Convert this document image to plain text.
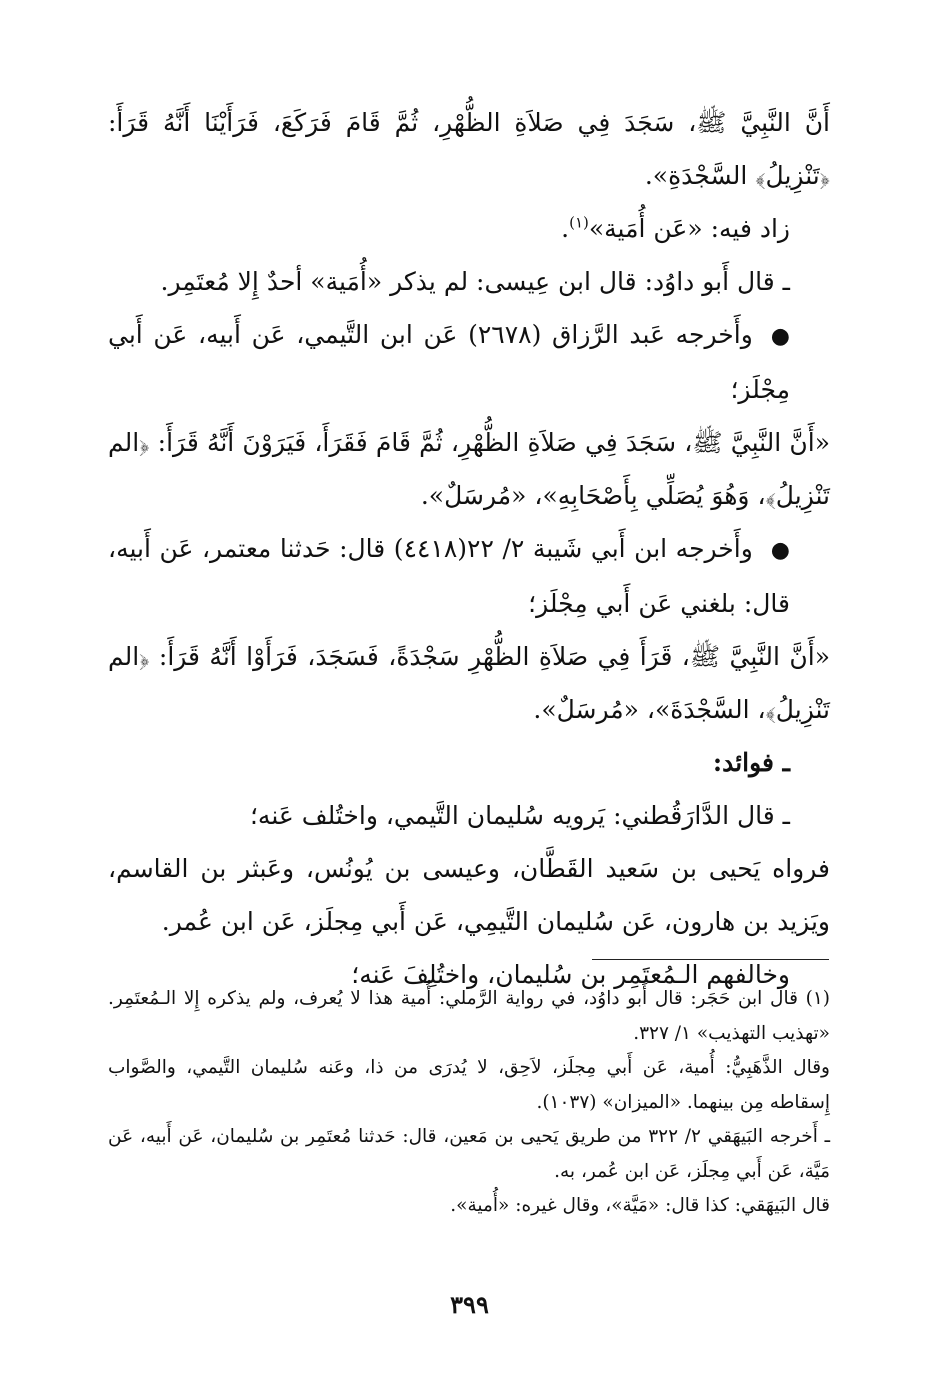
أَنَّ النَّبِيَّ ﷺ، سَجَدَ فِي صَلاَةِ الظُّهْرِ، ثُمَّ قَامَ فَرَكَعَ، فَرَأَيْنَا أَنَّهُ قَرَأَ: ﴿تَنْزِيلُ﴾ السَّجْدَةِ».

زاد فيه: «عَن أُمَية»$^{(١)}$.

ـ قال أَبو داوُد: قال ابن عِيسى: لم يذكر «أُمَية» أحدٌ إِلا مُعتَمِر.

●وأَخرجه عَبد الرَّزاق (٢٦٧٨) عَن ابن التَّيمي، عَن أَبيه، عَن أَبي مِجْلَز؛

«أَنَّ النَّبِيَّ ﷺ، سَجَدَ فِي صَلاَةِ الظُّهْرِ، ثُمَّ قَامَ فَقَرَأَ، فَيَرَوْنَ أَنَّهُ قَرَأَ: ﴿الم تَنْزِيلُ﴾، وَهُوَ يُصَلِّي بِأَصْحَابِهِ»، «مُرسَلٌ».

●وأَخرجه ابن أَبي شَيبة ٢/ ٢٢(٤٤١٨) قال: حَدثنا معتمر، عَن أَبيه، قال: بلغني عَن أَبي مِجْلَز؛

«أَنَّ النَّبِيَّ ﷺ، قَرَأَ فِي صَلاَةِ الظُّهْرِ سَجْدَةً، فَسَجَدَ، فَرَأَوْا أَنَّهُ قَرَأَ: ﴿الم تَنْزِيلُ﴾، السَّجْدَةَ»، «مُرسَلٌ».

ـ فوائد:

ـ قال الدَّارَقُطني: يَرويه سُليمان التَّيمي، واختُلف عَنه؛

فرواه يَحيى بن سَعيد القَطَّان، وعيسى بن يُونُس، وعَبثر بن القاسم، ويَزيد بن هارون، عَن سُليمان التَّيمِي، عَن أَبي مِجلَز، عَن ابن عُمر.

وخالفهم الـمُعتَمِر بن سُليمان، واختُلِفَ عَنه؛

(١) قال ابن حَجَر: قال أَبو داوُد، في رواية الرَّملي: أُمية هذا لا يُعرف، ولم يذكره إِلا الـمُعتَمِر. «تهذيب التهذيب» ١/ ٣٢٧.

وقال الذَّهَبِيُّ: أُمية، عَن أَبي مِجلَز، لاَحِق، لا يُدرَى من ذا، وعَنه سُليمان التَّيمي، والصَّواب إِسقاطه مِن بينهما. «الميزان» (١٠٣٧).

ـ أَخرجه البَيهَقي ٢/ ٣٢٢ من طريق يَحيى بن مَعين، قال: حَدثنا مُعتَمِر بن سُليمان، عَن أَبيه، عَن مَيَّة، عَن أَبي مِجلَز، عَن ابن عُمر، به.

قال البَيهَقي: كذا قال: «مَيَّة»، وقال غيره: «أُمية».

٣٩٩
